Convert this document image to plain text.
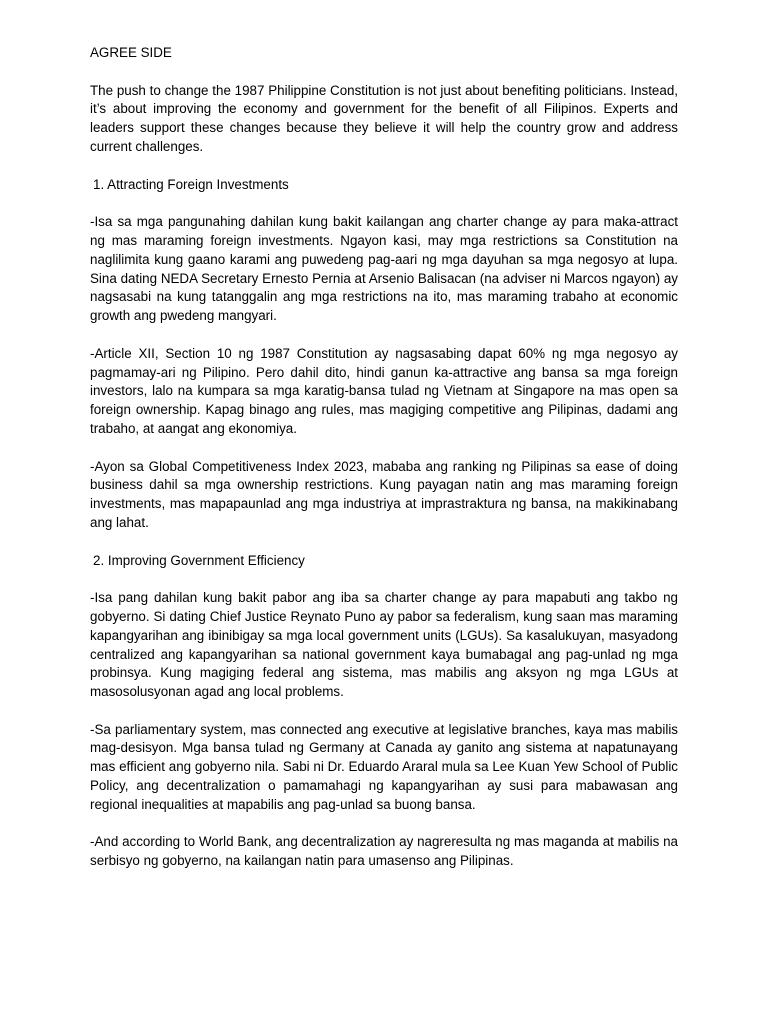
AGREE SIDE

The push to change the 1987 Philippine Constitution is not just about benefiting politicians. Instead, it’s about improving the economy and government for the benefit of all Filipinos. Experts and leaders support these changes because they believe it will help the country grow and address current challenges.

1. Attracting Foreign Investments

-Isa sa mga pangunahing dahilan kung bakit kailangan ang charter change ay para maka-attract ng mas maraming foreign investments. Ngayon kasi, may mga restrictions sa Constitution na naglilimita kung gaano karami ang puwedeng pag-aari ng mga dayuhan sa mga negosyo at lupa. Sina dating NEDA Secretary Ernesto Pernia at Arsenio Balisacan (na adviser ni Marcos ngayon) ay nagsasabi na kung tatanggalin ang mga restrictions na ito, mas maraming trabaho at economic growth ang pwedeng mangyari.

-Article XII, Section 10 ng 1987 Constitution ay nagsasabing dapat 60% ng mga negosyo ay pagmamay-ari ng Pilipino. Pero dahil dito, hindi ganun ka-attractive ang bansa sa mga foreign investors, lalo na kumpara sa mga karatig-bansa tulad ng Vietnam at Singapore na mas open sa foreign ownership. Kapag binago ang rules, mas magiging competitive ang Pilipinas, dadami ang trabaho, at aangat ang ekonomiya.

-Ayon sa Global Competitiveness Index 2023, mababa ang ranking ng Pilipinas sa ease of doing business dahil sa mga ownership restrictions. Kung payagan natin ang mas maraming foreign investments, mas mapapaunlad ang mga industriya at imprastraktura ng bansa, na makikinabang ang lahat.

2. Improving Government Efficiency

-Isa pang dahilan kung bakit pabor ang iba sa charter change ay para mapabuti ang takbo ng gobyerno. Si dating Chief Justice Reynato Puno ay pabor sa federalism, kung saan mas maraming kapangyarihan ang ibinibigay sa mga local government units (LGUs). Sa kasalukuyan, masyadong centralized ang kapangyarihan sa national government kaya bumabagal ang pag-unlad ng mga probinsya. Kung magiging federal ang sistema, mas mabilis ang aksyon ng mga LGUs at masosolusyonan agad ang local problems.

-Sa parliamentary system, mas connected ang executive at legislative branches, kaya mas mabilis mag-desisyon. Mga bansa tulad ng Germany at Canada ay ganito ang sistema at napatunayang mas efficient ang gobyerno nila. Sabi ni Dr. Eduardo Araral mula sa Lee Kuan Yew School of Public Policy, ang decentralization o pamamahagi ng kapangyarihan ay susi para mabawasan ang regional inequalities at mapabilis ang pag-unlad sa buong bansa.

-And according to World Bank, ang decentralization ay nagreresulta ng mas maganda at mabilis na serbisyo ng gobyerno, na kailangan natin para umasenso ang Pilipinas.
